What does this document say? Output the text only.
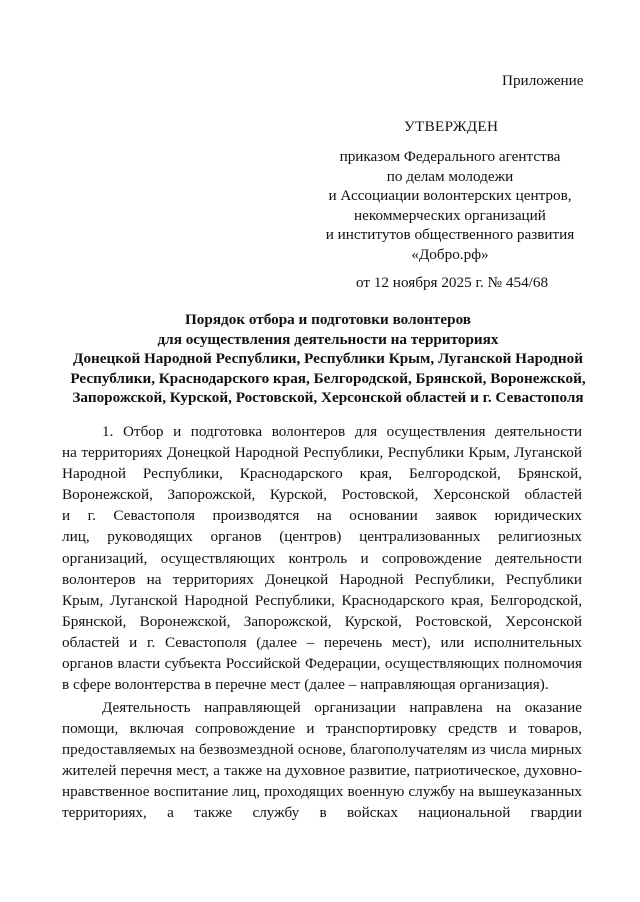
Приложение
УТВЕРЖДЕН
приказом Федерального агентства
по делам молодежи
и Ассоциации волонтерских центров,
некоммерческих организаций
и институтов общественного развития
«Добро.рф»
от 12 ноября 2025 г. № 454/68
Порядок отбора и подготовки волонтеров
для осуществления деятельности на территориях
Донецкой Народной Республики, Республики Крым, Луганской Народной
Республики, Краснодарского края, Белгородской, Брянской, Воронежской,
Запорожской, Курской, Ростовской, Херсонской областей и г. Севастополя
1. Отбор и подготовка волонтеров для осуществления деятельности
на территориях Донецкой Народной Республики, Республики Крым, Луганской
Народной Республики, Краснодарского края, Белгородской, Брянской,
Воронежской, Запорожской, Курской, Ростовской, Херсонской областей
и г. Севастополя производятся на основании заявок юридических
лиц, руководящих органов (центров) централизованных религиозных
организаций, осуществляющих контроль и сопровождение деятельности
волонтеров на территориях Донецкой Народной Республики, Республики
Крым, Луганской Народной Республики, Краснодарского края, Белгородской,
Брянской, Воронежской, Запорожской, Курской, Ростовской, Херсонской
областей и г. Севастополя (далее – перечень мест), или исполнительных
органов власти субъекта Российской Федерации, осуществляющих полномочия
в сфере волонтерства в перечне мест (далее – направляющая организация).
Деятельность направляющей организации направлена на оказание
помощи, включая сопровождение и транспортировку средств и товаров,
предоставляемых на безвозмездной основе, благополучателям из числа мирных
жителей перечня мест, а также на духовное развитие, патриотическое, духовно-
нравственное воспитание лиц, проходящих военную службу на вышеуказанных
территориях, а также службу в войсках национальной гвардии
